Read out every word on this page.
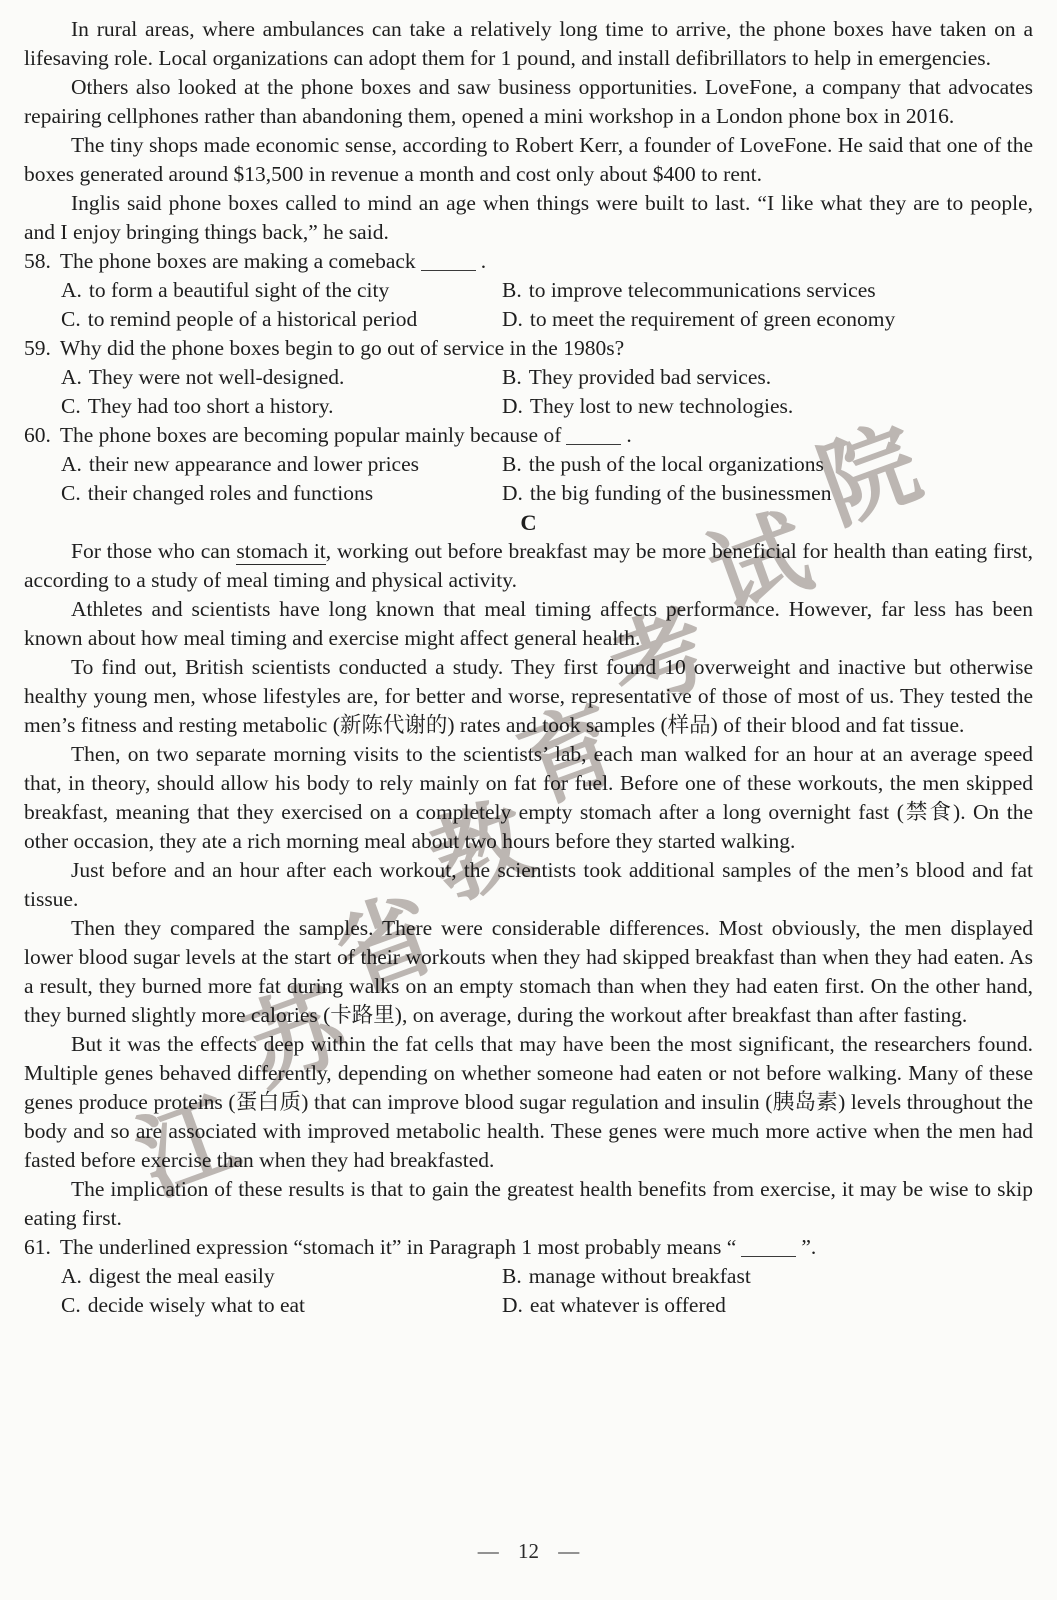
江
苏
省
教
育
考
试
院

In rural areas, where ambulances can take a relatively long time to arrive, the phone boxes have taken on a lifesaving role. Local organizations can adopt them for 1 pound, and install defibrillators to help in emergencies.

Others also looked at the phone boxes and saw business opportunities. LoveFone, a company that advocates repairing cellphones rather than abandoning them, opened a mini workshop in a London phone box in 2016.

The tiny shops made economic sense, according to Robert Kerr, a founder of LoveFone. He said that one of the boxes generated around $13,500 in revenue a month and cost only about $400 to rent.

Inglis said phone boxes called to mind an age when things were built to last. “I like what they are to people, and I enjoy bringing things back,” he said.

58. The phone boxes are making a comeback	.

A. to form a beautiful sight of the city	B. to improve telecommunications services

C. to remind people of a historical period	D. to meet the requirement of green economy

59. Why did the phone boxes begin to go out of service in the 1980s?

A. They were not well-designed.	B. They provided bad services.

C. They had too short a history.	D. They lost to new technologies.

60. The phone boxes are becoming popular mainly because of	.

A. their new appearance and lower prices	B. the push of the local organizations

C. their changed roles and functions	D. the big funding of the businessmen

C

For those who can stomach it, working out before breakfast may be more beneficial for health than eating first, according to a study of meal timing and physical activity.

Athletes and scientists have long known that meal timing affects performance. However, far less has been known about how meal timing and exercise might affect general health.

To find out, British scientists conducted a study. They first found 10 overweight and inactive but otherwise healthy young men, whose lifestyles are, for better and worse, representative of those of most of us. They tested the men’s fitness and resting metabolic (新陈代谢的) rates and took samples (样品) of their blood and fat tissue.

Then, on two separate morning visits to the scientists’ lab, each man walked for an hour at an average speed that, in theory, should allow his body to rely mainly on fat for fuel. Before one of these workouts, the men skipped breakfast, meaning that they exercised on a completely empty stomach after a long overnight fast (禁食). On the other occasion, they ate a rich morning meal about two hours before they started walking.

Just before and an hour after each workout, the scientists took additional samples of the men’s blood and fat tissue.

Then they compared the samples. There were considerable differences. Most obviously, the men displayed lower blood sugar levels at the start of their workouts when they had skipped breakfast than when they had eaten. As a result, they burned more fat during walks on an empty stomach than when they had eaten first. On the other hand, they burned slightly more calories (卡路里), on average, during the workout after breakfast than after fasting.

But it was the effects deep within the fat cells that may have been the most significant, the researchers found. Multiple genes behaved differently, depending on whether someone had eaten or not before walking. Many of these genes produce proteins (蛋白质) that can improve blood sugar regulation and insulin (胰岛素) levels throughout the body and so are associated with improved metabolic health. These genes were much more active when the men had fasted before exercise than when they had breakfasted.

The implication of these results is that to gain the greatest health benefits from exercise, it may be wise to skip eating first.

61. The underlined expression “stomach it” in Paragraph 1 most probably means “	”.

A. digest the meal easily	B. manage without breakfast

C. decide wisely what to eat	D. eat whatever is offered

— 12 —
